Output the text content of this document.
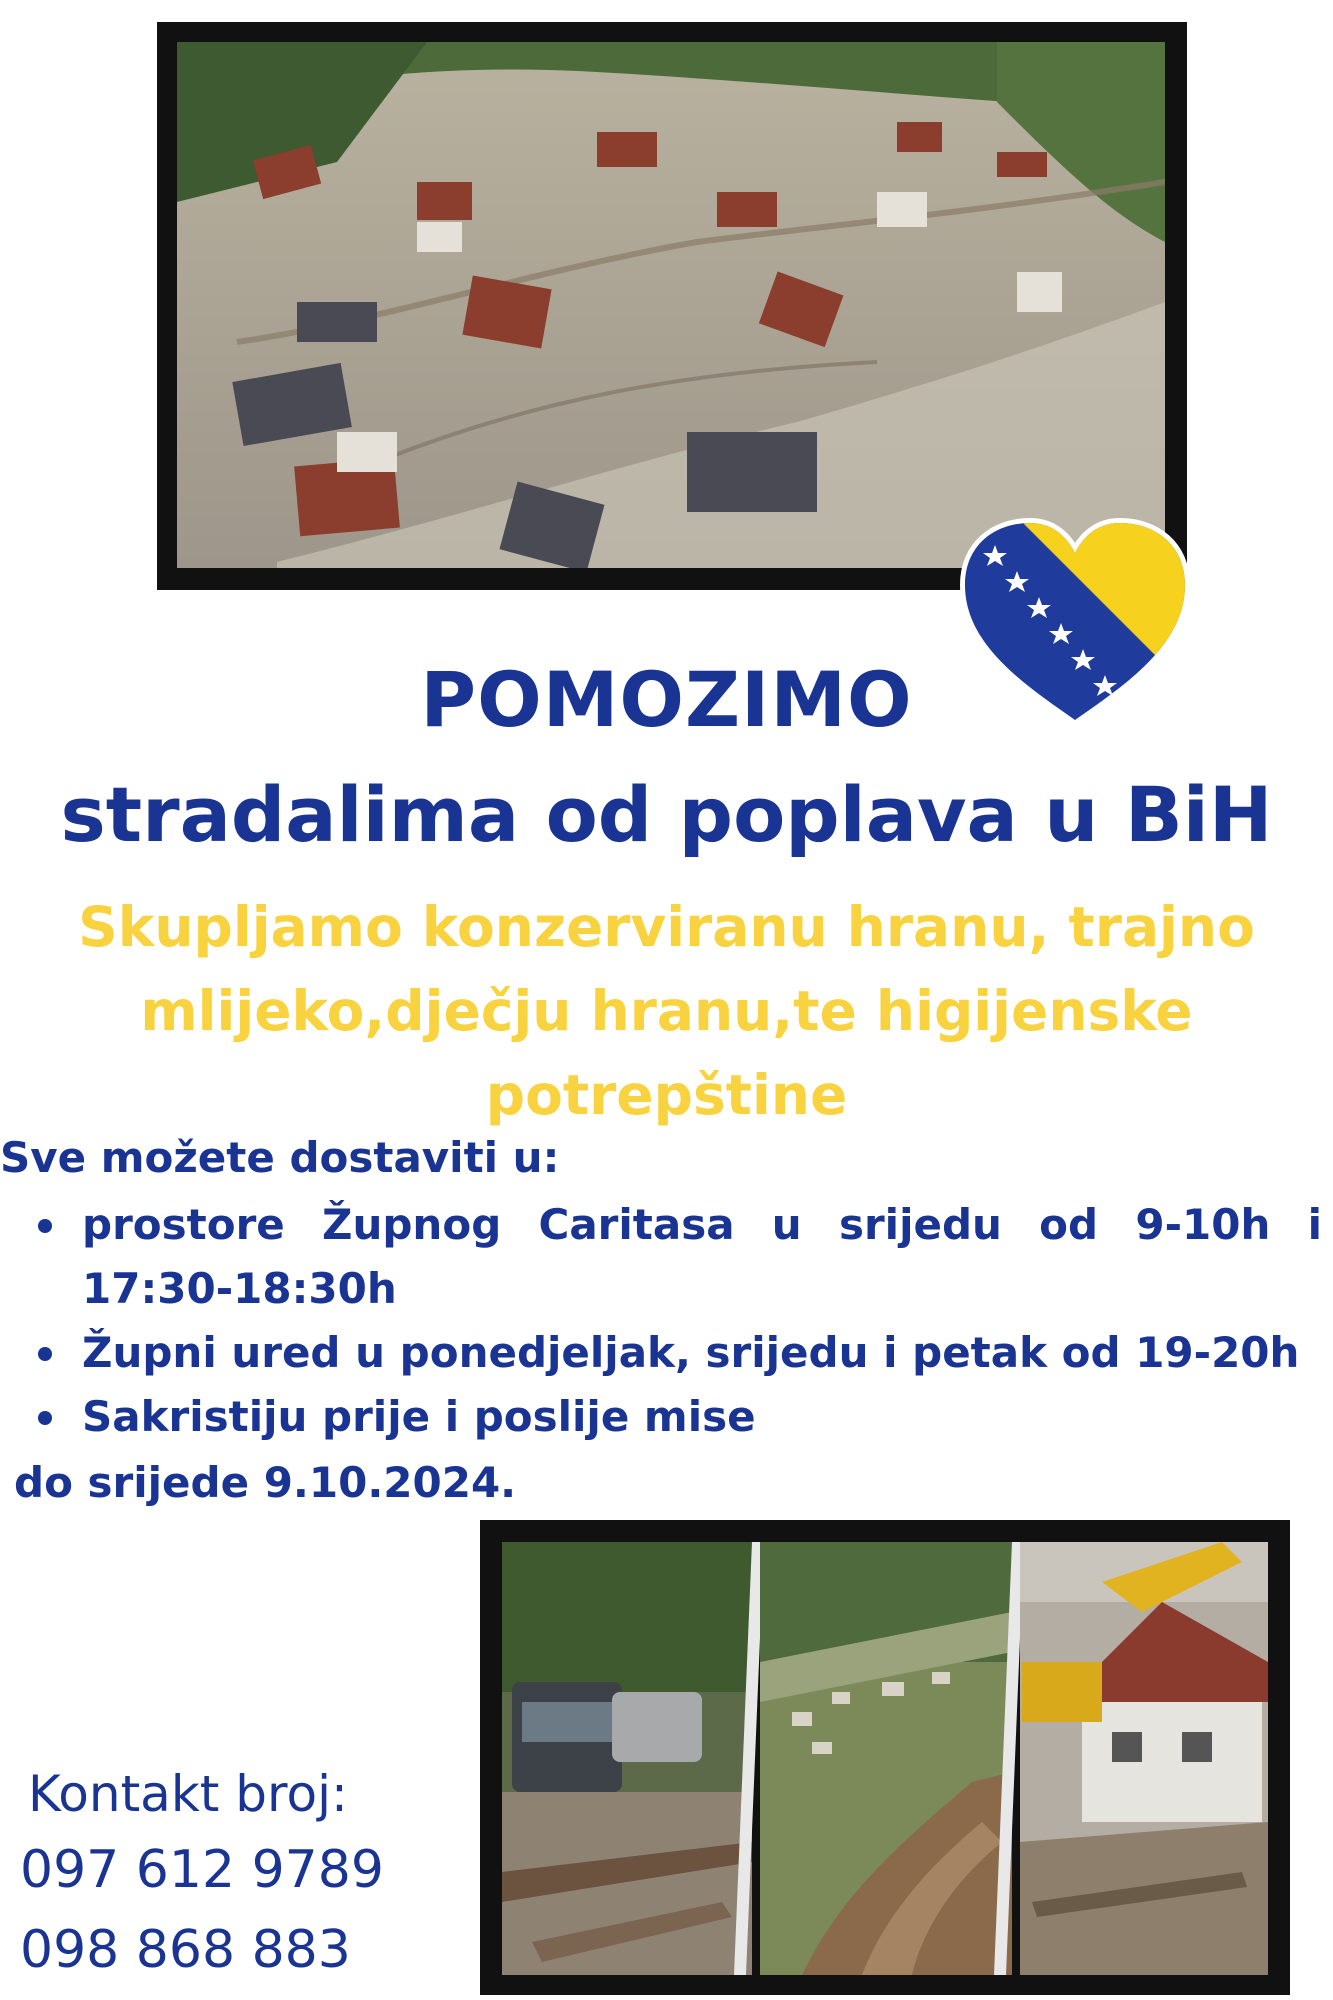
POMOZIMO
stradalima od poplava u BiH
Skupljamo konzerviranu hranu, trajno mlijeko,dječju hranu,te higijenske potrepštine
Sve možete dostaviti u:
prostore Župnog Caritasa u srijedu od 9-10h i 17:30-18:30h
Župni ured u ponedjeljak, srijedu i petak od 19-20h
Sakristiju prije i poslije mise
do srijede 9.10.2024.
Kontakt broj:
097 612 9789
098 868 883
